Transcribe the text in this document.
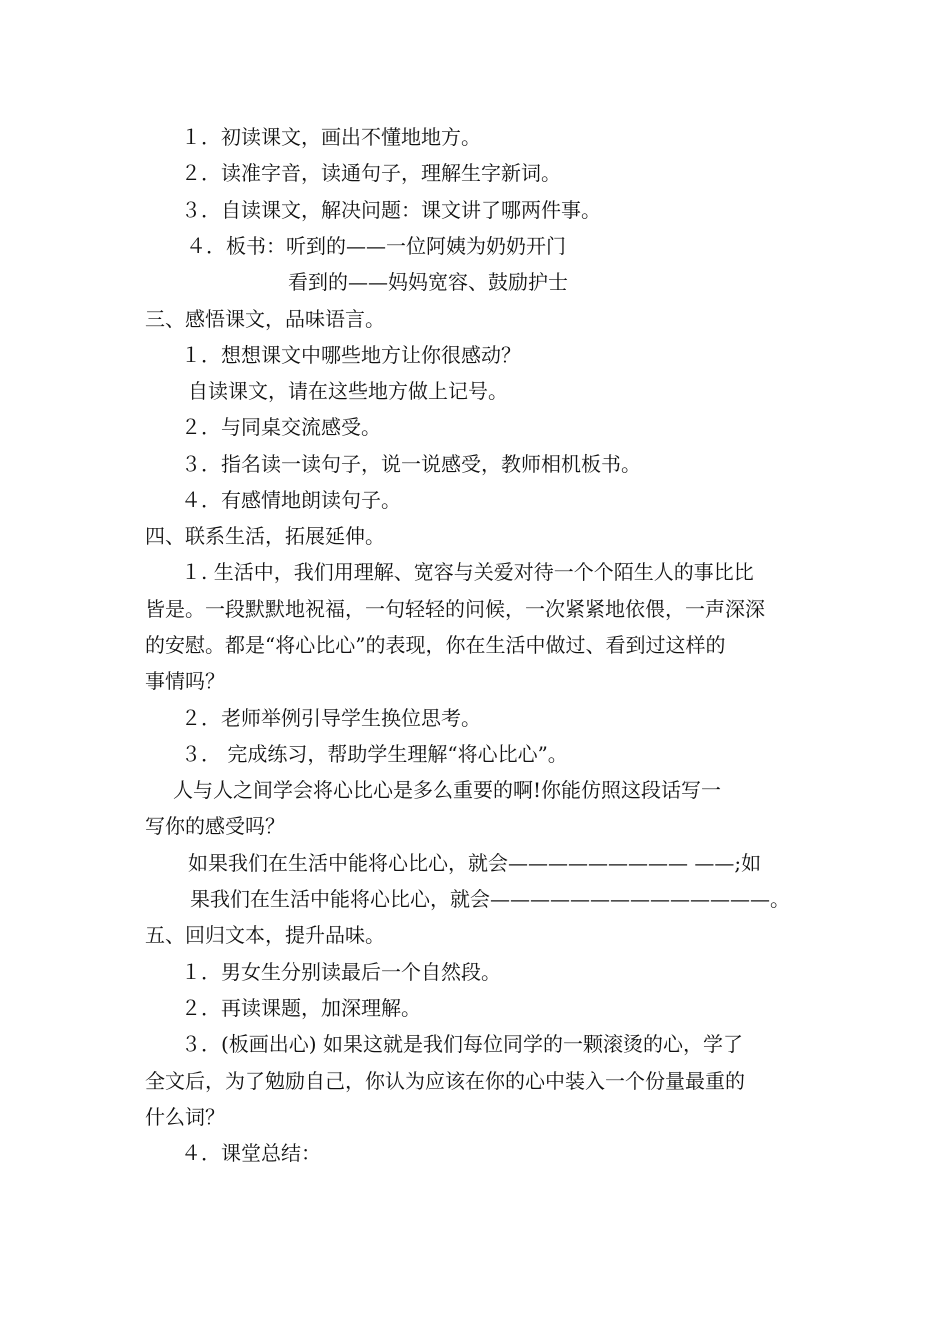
１．初读课文，画出不懂地地方。
２．读准字音，读通句子，理解生字新词。
３．自读课文，解决问题：课文讲了哪两件事。
４．板书：听到的——一位阿姨为奶奶开门
看到的——妈妈宽容、鼓励护士
三、感悟课文，品味语言。
１．想想课文中哪些地方让你很感动？
自读课文，请在这些地方做上记号。
２．与同桌交流感受。
３．指名读一读句子，说一说感受，教师相机板书。
４．有感情地朗读句子。
四、联系生活，拓展延伸。
１. 生活中，我们用理解、宽容与关爱对待一个个陌生人的事比比
皆是。一段默默地祝福，一句轻轻的问候，一次紧紧地依偎，一声深深
的安慰。都是“将心比心”的表现，你在生活中做过、看到过这样的
事情吗？
２．老师举例引导学生换位思考。
３． 完成练习，帮助学生理解“将心比心”。
人与人之间学会将心比心是多么重要的啊!你能仿照这段话写一
写你的感受吗？
如果我们在生活中能将心比心，就会————————— ——;如
果我们在生活中能将心比心，就会——————————————。
五、回归文本，提升品味。
１．男女生分别读最后一个自然段。
２．再读课题，加深理解。
３．(板画出心) 如果这就是我们每位同学的一颗滚烫的心，学了
全文后，为了勉励自己，你认为应该在你的心中装入一个份量最重的
什么词？
４．课堂总结：
